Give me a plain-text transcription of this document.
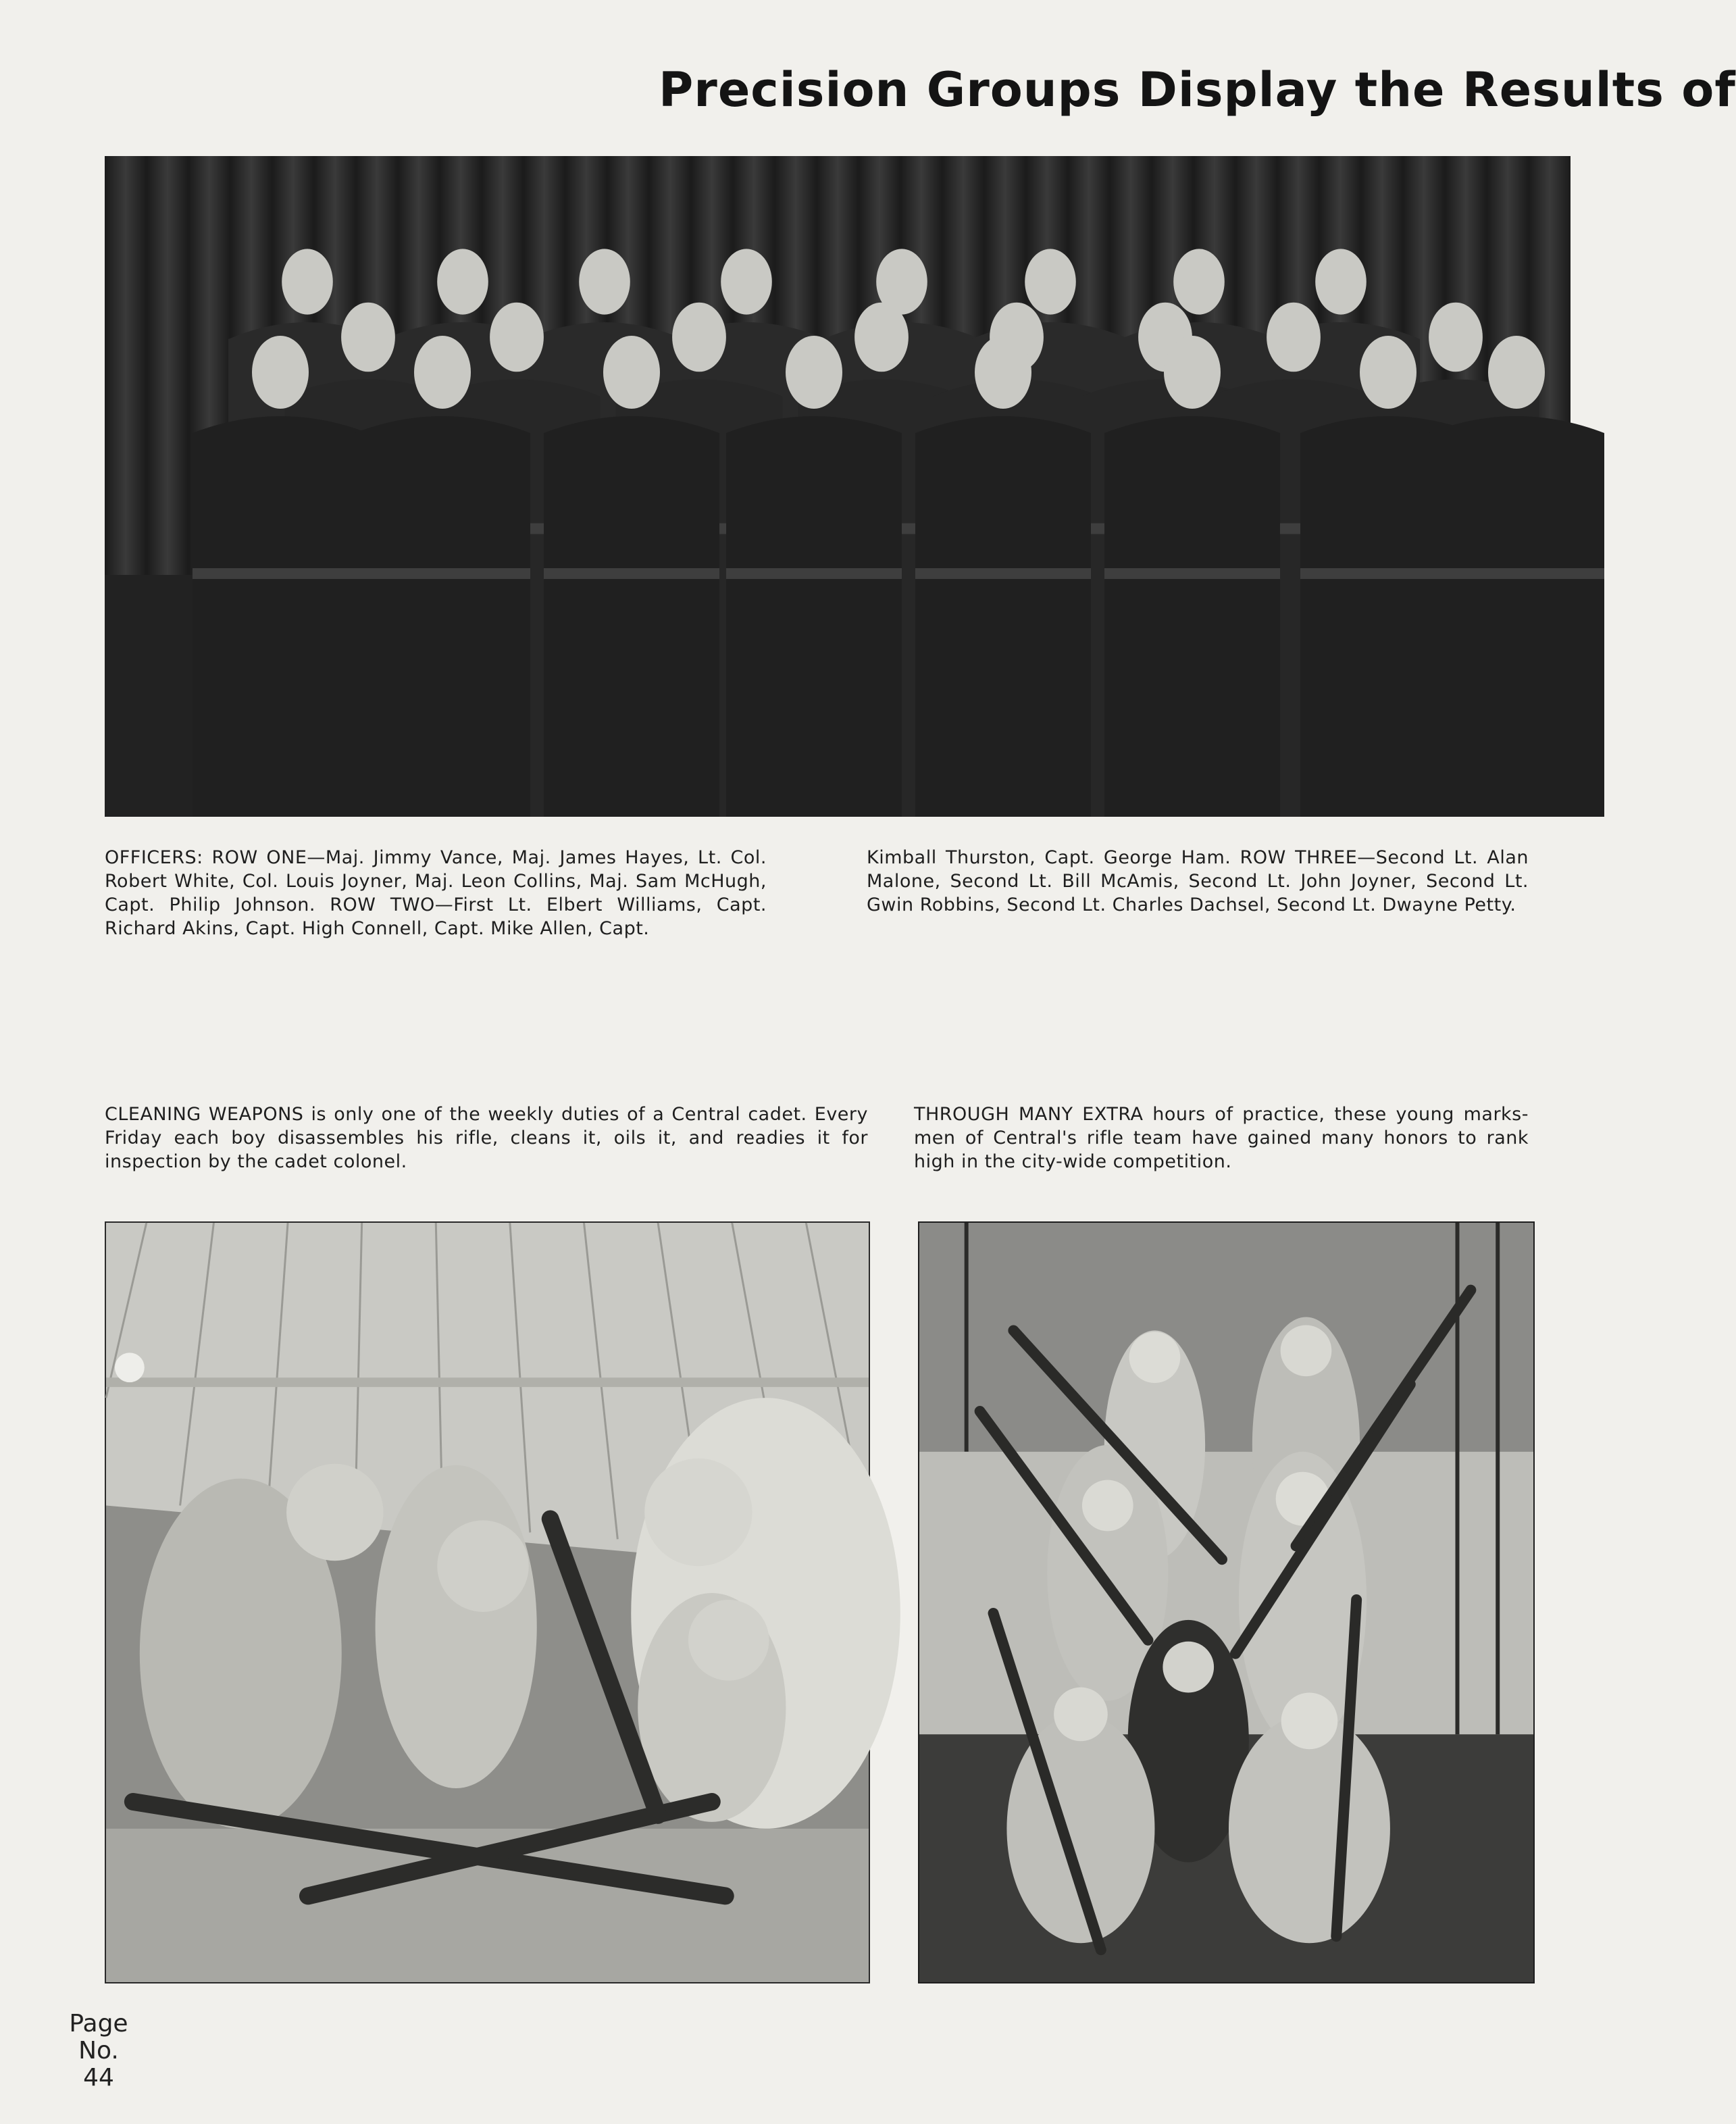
Precision Groups Display the Results of
OFFICERS: ROW ONE—Maj. Jimmy Vance, Maj. James Hayes, Lt. Col. Robert White, Col. Louis Joyner, Maj. Leon Collins, Maj. Sam McHugh, Capt. Philip Johnson. ROW TWO—First Lt. Elbert Williams, Capt. Richard Akins, Capt. High Connell, Capt. Mike Allen, Capt.
Kimball Thurston, Capt. George Ham. ROW THREE—Second Lt. Alan Malone, Second Lt. Bill McAmis, Second Lt. John Joyner, Second Lt. Gwin Robbins, Second Lt. Charles Dachsel, Second Lt. Dwayne Petty.
CLEANING WEAPONS is only one of the weekly duties of a Central cadet. Every Friday each boy disassembles his rifle, cleans it, oils it, and readies it for inspection by the cadet colonel.
THROUGH MANY EXTRA hours of practice, these young marks-men of Central's rifle team have gained many honors to rank high in the city-wide competition.
Page
No.
44
